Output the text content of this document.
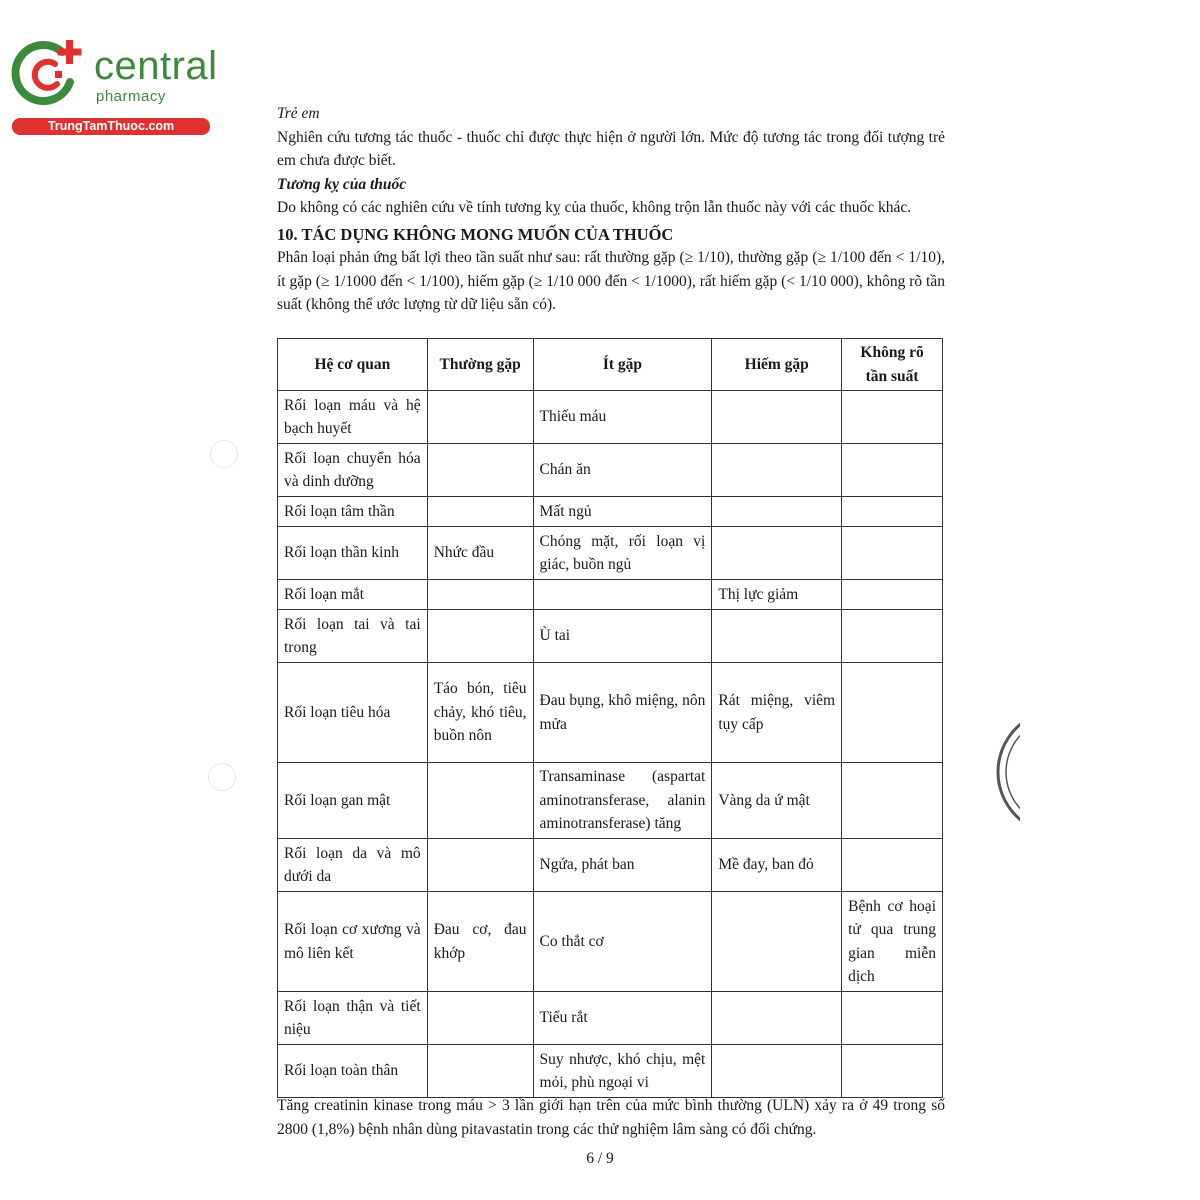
central
pharmacy
TrungTamThuoc.com

Trẻ em

Nghiên cứu tương tác thuốc - thuốc chỉ được thực hiện ở người lớn. Mức độ tương tác trong đối tượng trẻ em chưa được biết.

Tương kỵ của thuốc

Do không có các nghiên cứu về tính tương kỵ của thuốc, không trộn lẫn thuốc này với các thuốc khác.

10. TÁC DỤNG KHÔNG MONG MUỐN CỦA THUỐC

Phân loại phản ứng bất lợi theo tần suất như sau: rất thường gặp (≥ 1/10), thường gặp (≥ 1/100 đến < 1/10), ít gặp (≥ 1/1000 đến < 1/100), hiếm gặp (≥ 1/10 000 đến < 1/1000), rất hiếm gặp (< 1/10 000), không rõ tần suất (không thể ước lượng từ dữ liệu sẵn có).

Hệ cơ quan	Thường gặp	Ít gặp	Hiếm gặp	Không rõ tần suất
Rối loạn máu và hệ bạch huyết		Thiếu máu		
Rối loạn chuyển hóa và dinh dưỡng		Chán ăn		
Rối loạn tâm thần		Mất ngủ		
Rối loạn thần kinh	Nhức đầu	Chóng mặt, rối loạn vị giác, buồn ngủ		
Rối loạn mắt			Thị lực giảm	
Rối loạn tai và tai trong		Ù tai		
Rối loạn tiêu hóa	Táo bón, tiêu chảy, khó tiêu, buồn nôn	Đau bụng, khô miệng, nôn mửa	Rát miệng, viêm tụy cấp	
Rối loạn gan mật		Transaminase (aspartat aminotransferase, alanin aminotransferase) tăng	Vàng da ứ mật	
Rối loạn da và mô dưới da		Ngứa, phát ban	Mề đay, ban đỏ	
Rối loạn cơ xương và mô liên kết	Đau cơ, đau khớp	Co thắt cơ		Bệnh cơ hoại tử qua trung gian miễn dịch
Rối loạn thận và tiết niệu		Tiểu rắt		
Rối loạn toàn thân		Suy nhược, khó chịu, mệt mỏi, phù ngoại vi		

Tăng creatinin kinase trong máu > 3 lần giới hạn trên của mức bình thường (ULN) xảy ra ở 49 trong số 2800 (1,8%) bệnh nhân dùng pitavastatin trong các thử nghiệm lâm sàng có đối chứng.

6 / 9
